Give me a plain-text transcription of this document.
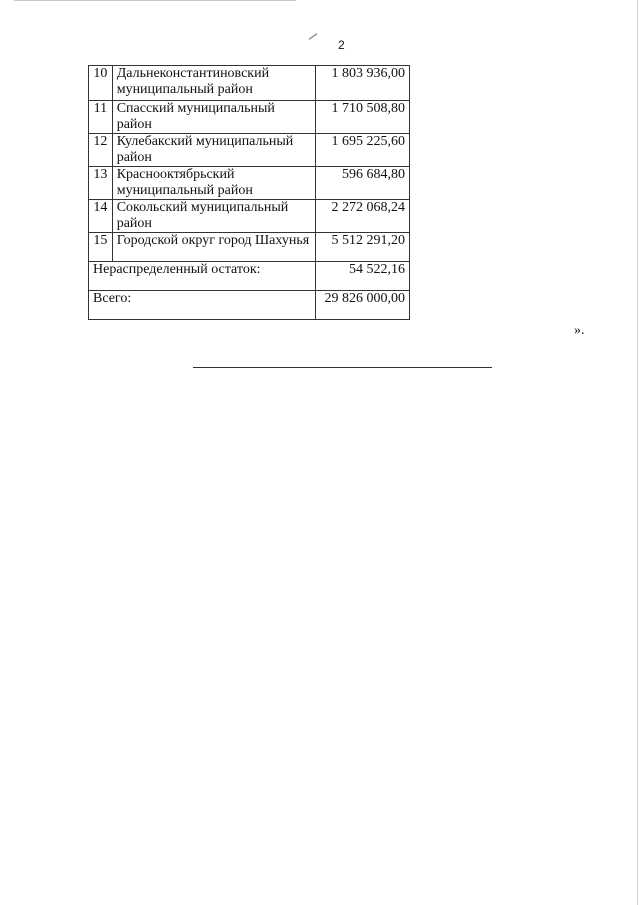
2
10	Дальнеконстантиновский муниципальный район	1 803 936,00
11	Спасский муниципальный район	1 710 508,80
12	Кулебакский муниципальный район	1 695 225,60
13	Краснооктябрьский муниципальный район	596 684,80
14	Сокольский муниципальный район	2 272 068,24
15	Городской округ город Шахунья	5 512 291,20
Нераспределенный остаток:		54 522,16
Всего:		29 826 000,00
».
